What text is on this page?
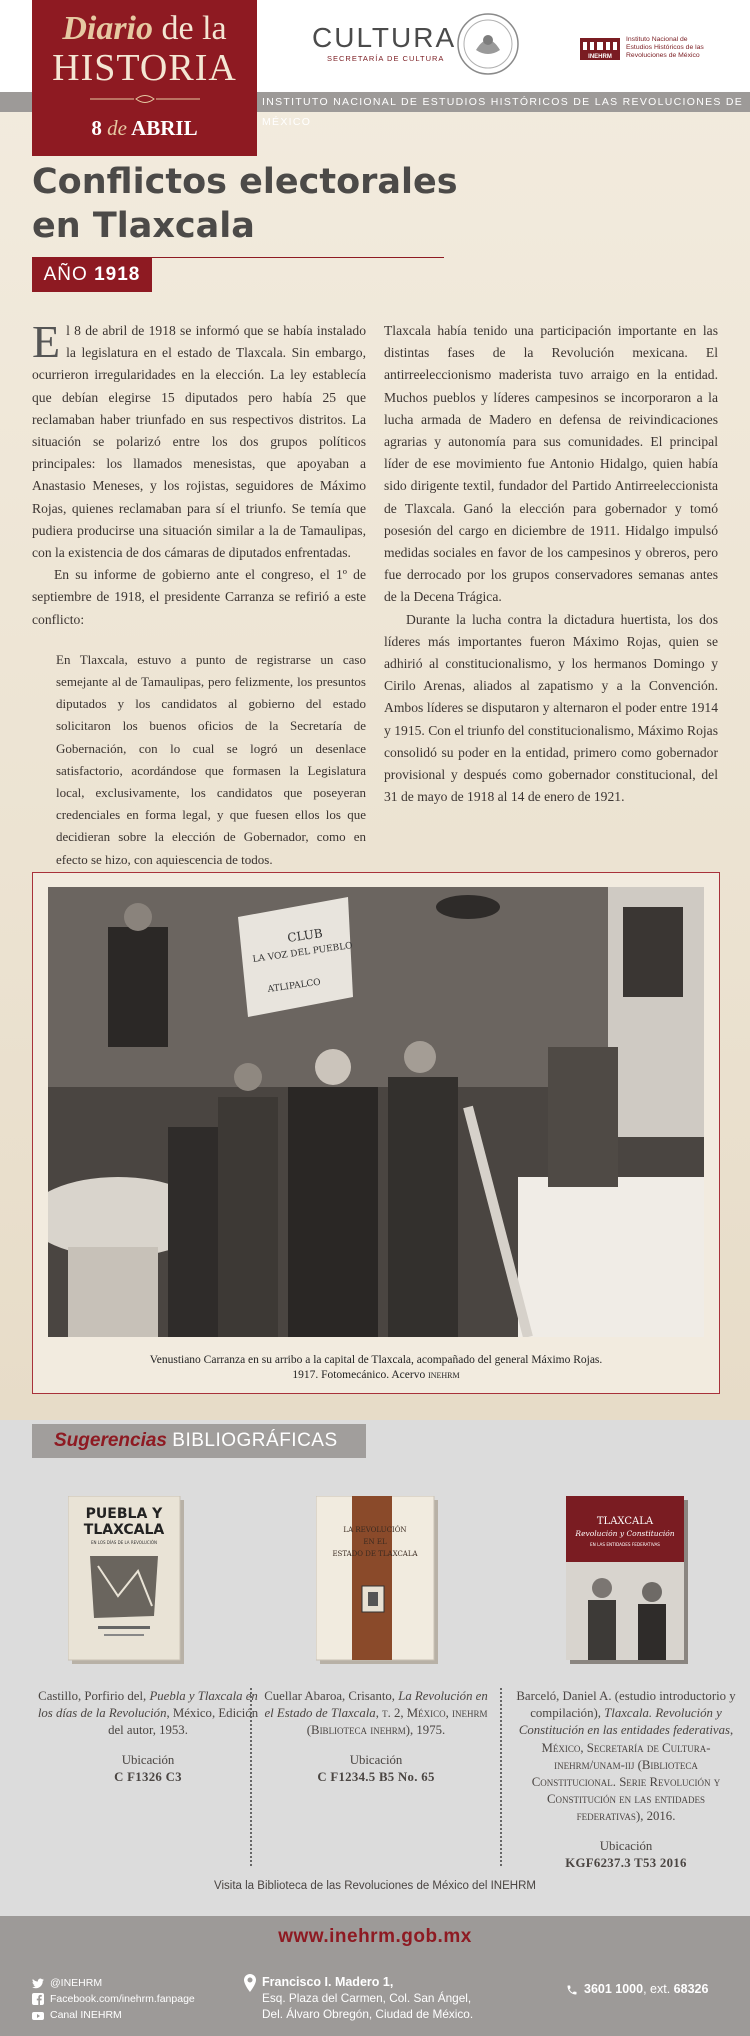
INSTITUTO NACIONAL DE ESTUDIOS HISTÓRICOS DE LAS REVOLUCIONES DE MÉXICO
Diario de la
HISTORIA
8 de ABRIL
CULTURA
SECRETARÍA DE CULTURA	INEHRM
Instituto Nacional de
Estudios Históricos de las
Revoluciones de México
Conflictos electorales en Tlaxcala
AÑO 1918

El 8 de abril de 1918 se informó que se había instalado la legislatura en el estado de Tlaxcala. Sin embargo, ocurrieron irregularidades en la elección. La ley establecía que debían elegirse 15 diputados pero había 25 que reclamaban haber triunfado en sus respectivos distritos. La situación se polarizó entre los dos grupos políticos principales: los llamados menesistas, que apoyaban a Anastasio Meneses, y los rojistas, seguidores de Máximo Rojas, quienes reclamaban para sí el triunfo. Se temía que pudiera producirse una situación similar a la de Tamaulipas, con la existencia de dos cámaras de diputados enfrentadas.

En su informe de gobierno ante el congreso, el 1º de septiembre de 1918, el presidente Carranza se refirió a este conflicto:

En Tlaxcala, estuvo a punto de registrarse un caso semejante al de Tamaulipas, pero felizmente, los presuntos diputados y los candidatos al gobierno del estado solicitaron los buenos oficios de la Secretaría de Gobernación, con lo cual se logró un desenlace satisfactorio, acordándose que formasen la Legislatura local, exclusivamente, los candidatos que poseyeran credenciales en forma legal, y que fuesen ellos los que decidieran sobre la elección de Gobernador, como en efecto se hizo, con aquiescencia de todos.

Tlaxcala había tenido una participación importante en las distintas fases de la Revolución mexicana. El antirreeleccionismo maderista tuvo arraigo en la entidad. Muchos pueblos y líderes campesinos se incorporaron a la lucha armada de Madero en defensa de reivindicaciones agrarias y autonomía para sus comunidades. El principal líder de ese movimiento fue Antonio Hidalgo, quien había sido dirigente textil, fundador del Partido Antirreeleccionista de Tlaxcala. Ganó la elección para gobernador y tomó posesión del cargo en diciembre de 1911. Hidalgo impulsó medidas sociales en favor de los campesinos y obreros, pero fue derrocado por los grupos conservadores semanas antes de la Decena Trágica.

Durante la lucha contra la dictadura huertista, los dos líderes más importantes fueron Máximo Rojas, quien se adhirió al constitucionalismo, y los hermanos Domingo y Cirilo Arenas, aliados al zapatismo y a la Convención. Ambos líderes se disputaron y alternaron el poder entre 1914 y 1915. Con el triunfo del constitucionalismo, Máximo Rojas consolidó su poder en la entidad, primero como gobernador provisional y después como gobernador constitucional, del 31 de mayo de 1918 al 14 de enero de 1921.

CLUB
LA VOZ DEL PUEBLO
ATLIPALCO
Venustiano Carranza en su arribo a la capital de Tlaxcala, acompañado del general Máximo Rojas.
1917. Fotomecánico. Acervo inehrm
Sugerencias BIBLIOGRÁFICAS
PUEBLA Y
TLAXCALA
EN LOS DÍAS DE LA REVOLUCIÓN
LA REVOLUCIÓN
EN EL
ESTADO DE TLAXCALA
TLAXCALA
Revolución y Constitución
EN LAS ENTIDADES FEDERATIVAS
Castillo, Porfirio del, Puebla y Tlaxcala en los días de la Revolución, México, Edición del autor, 1953.
Ubicación
C F1326 C3
Cuellar Abaroa, Crisanto, La Revolución en el Estado de Tlaxcala, t. 2, México, inehrm (Biblioteca inehrm), 1975.
Ubicación
C F1234.5 B5 No. 65
Barceló, Daniel A. (estudio introductorio y compilación), Tlaxcala. Revolución y Constitución en las entidades federativas, México, Secretaría de Cultura-inehrm/unam-iij (Biblioteca Constitucional. Serie Revolución y Constitución en las entidades federativas), 2016.
Ubicación
KGF6237.3 T53 2016
Visita la Biblioteca de las Revoluciones de México del INEHRM
www.inehrm.gob.mx
@INEHRM
Facebook.com/inehrm.fanpage
Canal INEHRM
Francisco I. Madero 1,
Esq. Plaza del Carmen, Col. San Ángel,
Del. Álvaro Obregón, Ciudad de México.
3601 1000, ext. 68326
